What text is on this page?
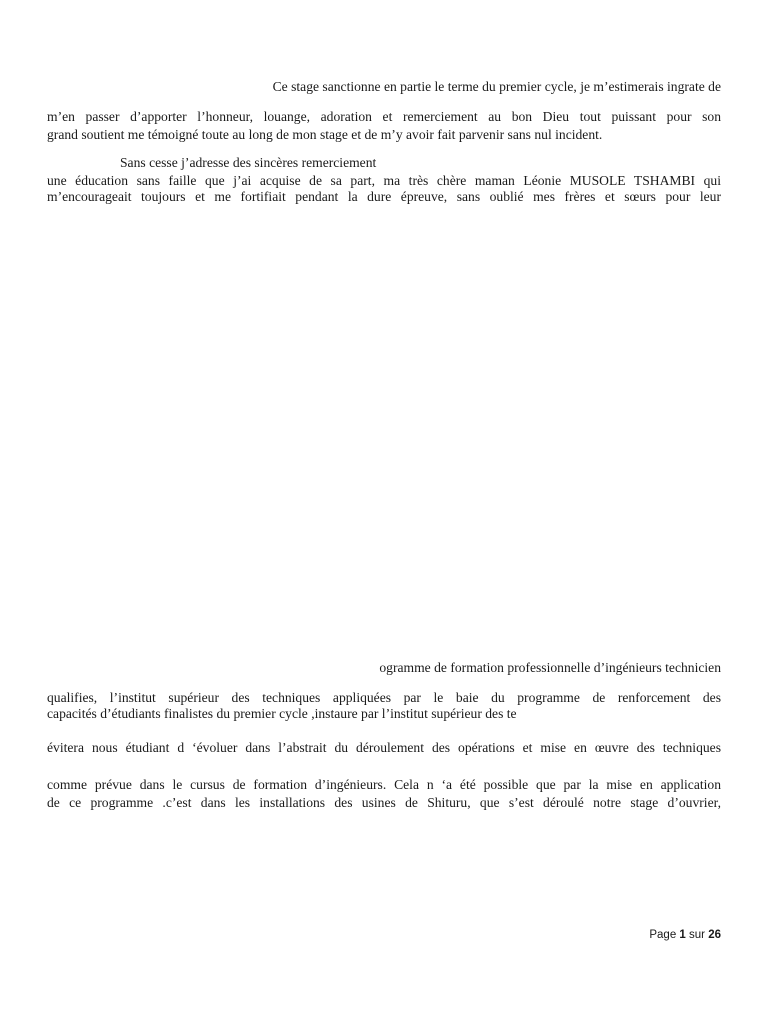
Ce stage sanctionne en partie le terme du premier cycle, je m’estimerais ingrate de

m’en passer d’apporter l’honneur, louange, adoration et remerciement au bon Dieu tout puissant pour son

grand soutient me témoigné toute au long de mon stage et de m’y avoir fait parvenir sans nul incident.

Sans cesse j’adresse des sincères remerciement

une éducation sans faille que j’ai acquise de sa part, ma très chère maman Léonie MUSOLE TSHAMBI qui

m’encourageait toujours et me fortifiait pendant la dure épreuve, sans oublié mes frères et sœurs pour leur

ogramme de formation professionnelle d’ingénieurs technicien

qualifies, l’institut supérieur des techniques appliquées par le baie du programme de renforcement des

capacités d’étudiants finalistes du premier cycle ,instaure par l’institut supérieur des te

évitera nous étudiant d ‘évoluer dans l’abstrait du déroulement des opérations et mise en œuvre des techniques

comme prévue dans le cursus de formation d’ingénieurs. Cela n ‘a été possible que par la mise en application

de ce programme .c’est dans les installations des usines de Shituru, que s’est déroulé notre stage d’ouvrier,

Page 1 sur 26
